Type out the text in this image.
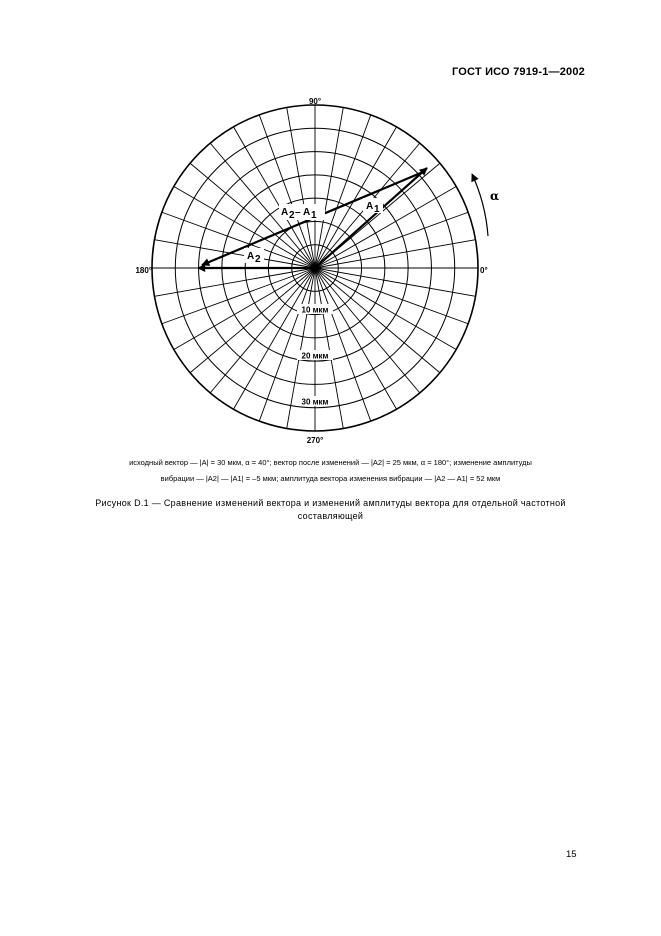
ГОСТ ИСО 7919-1—2002
10 мкм
20 мкм
30 мкм
90°
180°	0°
270°
A 1
A 2
A 2 – A 1
α
исходный вектор — |A| = 30 мкм, α = 40°; вектор после изменений — |A2| = 25 мкм, α = 180°; изменение амплитуды
вибрации — |A2| — |A1| = –5 мкм; амплитуда вектора изменения вибрации — |A2 — A1| = 52 мкм
Рисунок D.1 — Сравнение изменений вектора и изменений амплитуды вектора для отдельной частотной
составляющей
15
